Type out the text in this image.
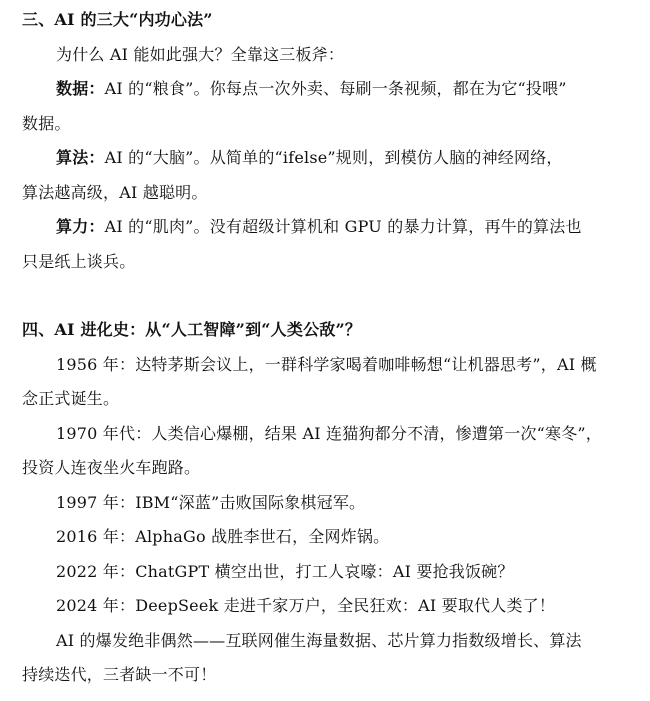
三、AI 的三大“内功心法”
为什么 AI 能如此强大？全靠这三板斧：
数据：AI 的“粮食”。你每点一次外卖、每刷一条视频，都在为它“投喂”
数据。
算法：AI 的“大脑”。从简单的“ifelse”规则，到模仿人脑的神经网络，
算法越高级，AI 越聪明。
算力：AI 的“肌肉”。没有超级计算机和 GPU 的暴力计算，再牛的算法也
只是纸上谈兵。
四、AI 进化史：从“人工智障”到“人类公敌”？
1956 年：达特茅斯会议上，一群科学家喝着咖啡畅想“让机器思考”，AI 概
念正式诞生。
1970 年代：人类信心爆棚，结果 AI 连猫狗都分不清，惨遭第一次“寒冬”，
投资人连夜坐火车跑路。
1997 年：IBM“深蓝”击败国际象棋冠军。
2016 年：AlphaGo 战胜李世石，全网炸锅。
2022 年：ChatGPT 横空出世，打工人哀嚎：AI 要抢我饭碗？
2024 年：DeepSeek 走进千家万户，全民狂欢：AI 要取代人类了！
AI 的爆发绝非偶然——互联网催生海量数据、芯片算力指数级增长、算法
持续迭代，三者缺一不可！
